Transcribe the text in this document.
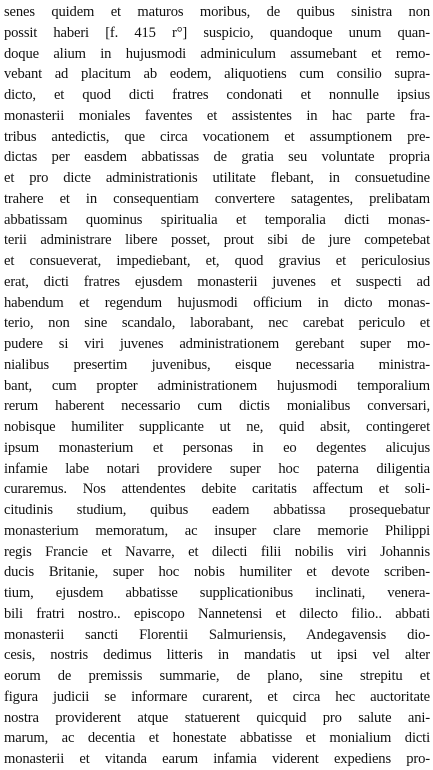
senes quidem et maturos moribus, de quibus sinistra non
possit haberi [f. 415 r°] suspicio, quandoque unum quan-
doque alium in hujusmodi adminiculum assumebant et remo-
vebant ad placitum ab eodem, aliquotiens cum consilio supra-
dicto, et quod dicti fratres condonati et nonnulle ipsius
monasterii moniales faventes et assistentes in hac parte fra-
tribus antedictis, que circa vocationem et assumptionem pre-
dictas per easdem abbatissas de gratia seu voluntate propria
et pro dicte administrationis utilitate flebant, in consuetudine
trahere et in consequentiam convertere satagentes, prelibatam
abbatissam quominus spiritualia et temporalia dicti monas-
terii administrare libere posset, prout sibi de jure competebat
et consueverat, impediebant, et, quod gravius et periculosius
erat, dicti fratres ejusdem monasterii juvenes et suspecti ad
habendum et regendum hujusmodi officium in dicto monas-
terio, non sine scandalo, laborabant, nec carebat periculo et
pudere si viri juvenes administrationem gerebant super mo-
nialibus presertim juvenibus, eisque necessaria ministra-
bant, cum propter administrationem hujusmodi temporalium
rerum haberent necessario cum dictis monialibus conversari,
nobisque humiliter supplicante ut ne, quid absit, contingeret
ipsum monasterium et personas in eo degentes alicujus
infamie labe notari providere super hoc paterna diligentia
curaremus. Nos attendentes debite caritatis affectum et soli-
citudinis studium, quibus eadem abbatissa prosequebatur
monasterium memoratum, ac insuper clare memorie Philippi
regis Francie et Navarre, et dilecti filii nobilis viri Johannis
ducis Britanie, super hoc nobis humiliter et devote scriben-
tium, ejusdem abbatisse supplicationibus inclinati, venera-
bili fratri nostro.. episcopo Nannetensi et dilecto filio.. abbati
monasterii sancti Florentii Salmuriensis, Andegavensis dio-
cesis, nostris dedimus litteris in mandatis ut ipsi vel alter
eorum de premissis summarie, de plano, sine strepitu et
figura judicii se informare curarent, et circa hec auctoritate
nostra providerent atque statuerent quicquid pro salute ani-
marum, ac decentia et honestate abbatisse et monialium dicti
monasterii et vitanda earum infamia viderent expediens pro-
